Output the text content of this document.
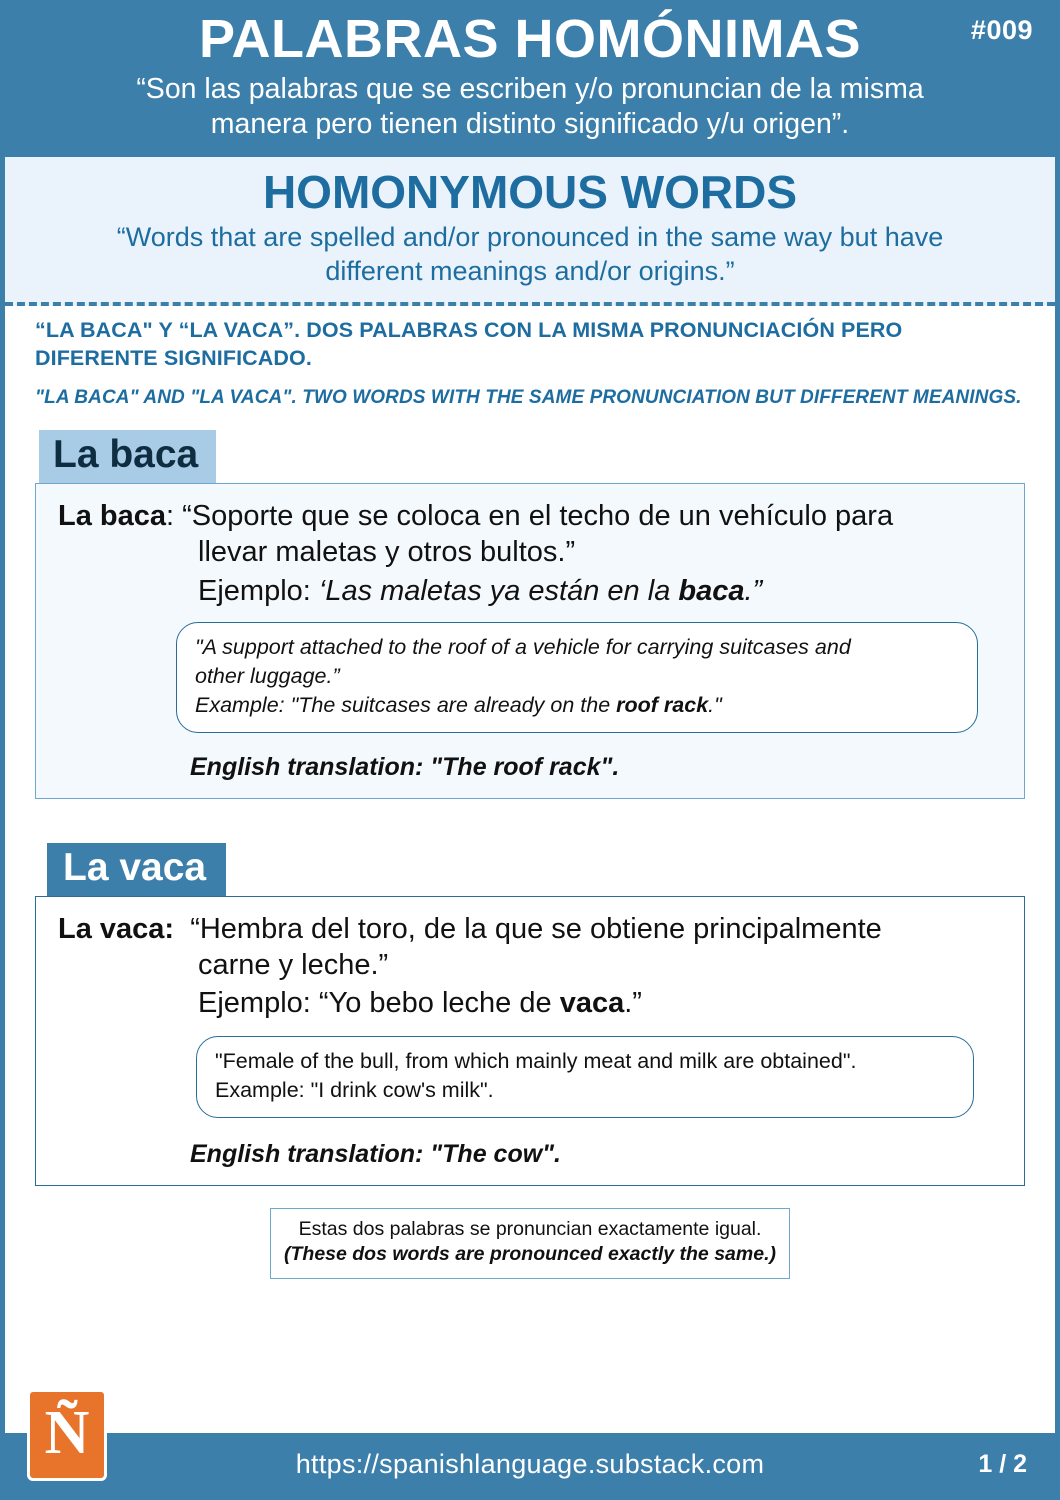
#009
PALABRAS HOMÓNIMAS
“Son las palabras que se escriben y/o pronuncian de la misma
manera pero tienen distinto significado y/u origen”.
HOMONYMOUS WORDS
“Words that are spelled and/or pronounced in the same way but have
different meanings and/or origins.”
“LA BACA" Y “LA VACA”. DOS PALABRAS CON LA MISMA PRONUNCIACIÓN PERO DIFERENTE SIGNIFICADO.
"LA BACA" AND "LA VACA". TWO WORDS WITH THE SAME PRONUNCIATION BUT DIFFERENT MEANINGS.
La baca
La baca: “Soporte que se coloca en el techo de un vehículo para
llevar maletas y otros bultos.”
Ejemplo: ‘Las maletas ya están en la baca.”
"A support attached to the roof of a vehicle for carrying suitcases and
other luggage.”
Example: "The suitcases are already on the roof rack."
English translation: "The roof rack".
La vaca
La vaca: “Hembra del toro, de la que se obtiene principalmente
carne y leche.”
Ejemplo: “Yo bebo leche de vaca.”
"Female of the bull, from which mainly meat and milk are obtained".
Example: "I drink cow's milk".
English translation: "The cow".
Estas dos palabras se pronuncian exactamente igual.
(These dos words are pronounced exactly the same.)
https://spanishlanguage.substack.com	1 / 2
Ñ
